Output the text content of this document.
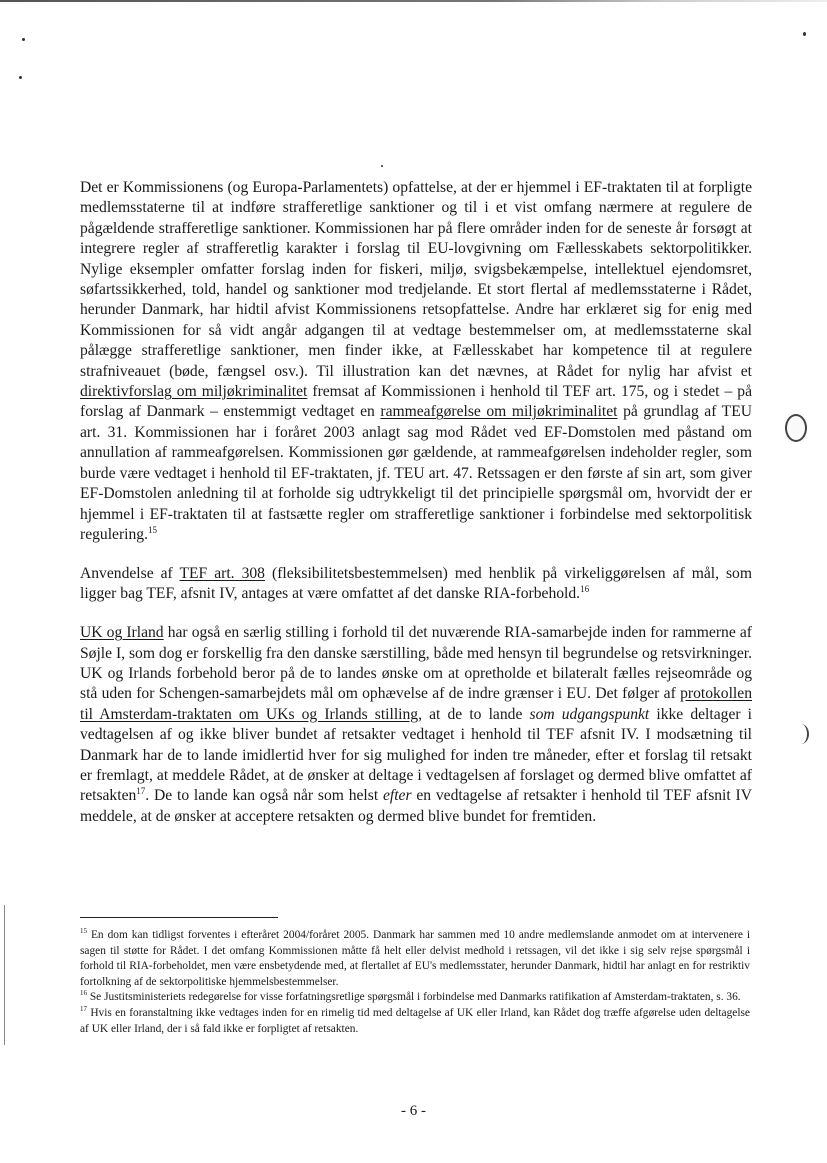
Det er Kommissionens (og Europa-Parlamentets) opfattelse, at der er hjemmel i EF-traktaten til at forpligte medlemsstaterne til at indføre strafferetlige sanktioner og til i et vist omfang nærmere at regulere de pågældende strafferetlige sanktioner. Kommissionen har på flere områder inden for de seneste år forsøgt at integrere regler af strafferetlig karakter i forslag til EU-lovgivning om Fællesskabets sektorpolitikker. Nylige eksempler omfatter forslag inden for fiskeri, miljø, svigsbekæmpelse, intellektuel ejendomsret, søfartssikkerhed, told, handel og sanktioner mod tredjelande. Et stort flertal af medlemsstaterne i Rådet, herunder Danmark, har hidtil afvist Kommissionens retsopfattelse. Andre har erklæret sig for enig med Kommissionen for så vidt angår adgangen til at vedtage bestemmelser om, at medlemsstaterne skal pålægge strafferetlige sanktioner, men finder ikke, at Fællesskabet har kompetence til at regulere strafniveauet (bøde, fængsel osv.). Til illustration kan det nævnes, at Rådet for nylig har afvist et direktivforslag om miljøkriminalitet fremsat af Kommissionen i henhold til TEF art. 175, og i stedet – på forslag af Danmark – enstemmigt vedtaget en rammeafgørelse om miljøkriminalitet på grundlag af TEU art. 31. Kommissionen har i foråret 2003 anlagt sag mod Rådet ved EF-Domstolen med påstand om annullation af rammeafgørelsen. Kommissionen gør gældende, at rammeafgørelsen indeholder regler, som burde være vedtaget i henhold til EF-traktaten, jf. TEU art. 47. Retssagen er den første af sin art, som giver EF-Domstolen anledning til at forholde sig udtrykkeligt til det principielle spørgsmål om, hvorvidt der er hjemmel i EF-traktaten til at fastsætte regler om strafferetlige sanktioner i forbindelse med sektorpolitisk regulering.$^{15}$

Anvendelse af TEF art. 308 (fleksibilitetsbestemmelsen) med henblik på virkeliggørelsen af mål, som ligger bag TEF, afsnit IV, antages at være omfattet af det danske RIA-forbehold.$^{16}$

UK og Irland har også en særlig stilling i forhold til det nuværende RIA-samarbejde inden for rammerne af Søjle I, som dog er forskellig fra den danske særstilling, både med hensyn til begrundelse og retsvirkninger. UK og Irlands forbehold beror på de to landes ønske om at opretholde et bilateralt fælles rejseområde og stå uden for Schengen-samarbejdets mål om ophævelse af de indre grænser i EU. Det følger af protokollen til Amsterdam-traktaten om UKs og Irlands stilling, at de to lande som udgangspunkt ikke deltager i vedtagelsen af og ikke bliver bundet af retsakter vedtaget i henhold til TEF afsnit IV. I modsætning til Danmark har de to lande imidlertid hver for sig mulighed for inden tre måneder, efter et forslag til retsakt er fremlagt, at meddele Rådet, at de ønsker at deltage i vedtagelsen af forslaget og dermed blive omfattet af retsakten$^{17}$. De to lande kan også når som helst efter en vedtagelse af retsakter i henhold til TEF afsnit IV meddele, at de ønsker at acceptere retsakten og dermed blive bundet for fremtiden.

$^{15}$ En dom kan tidligst forventes i efteråret 2004/foråret 2005. Danmark har sammen med 10 andre medlemslande anmodet om at intervenere i sagen til støtte for Rådet. I det omfang Kommissionen måtte få helt eller delvist medhold i retssagen, vil det ikke i sig selv rejse spørgsmål i forhold til RIA-forbeholdet, men være ensbetydende med, at flertallet af EU's medlemsstater, herunder Danmark, hidtil har anlagt en for restriktiv fortolkning af de sektorpolitiske hjemmelsbestemmelser.

$^{16}$ Se Justitsministeriets redegørelse for visse forfatningsretlige spørgsmål i forbindelse med Danmarks ratifikation af Amsterdam-traktaten, s. 36.

$^{17}$ Hvis en foranstaltning ikke vedtages inden for en rimelig tid med deltagelse af UK eller Irland, kan Rådet dog træffe afgørelse uden deltagelse af UK eller Irland, der i så fald ikke er forpligtet af retsakten.

- 6 -
